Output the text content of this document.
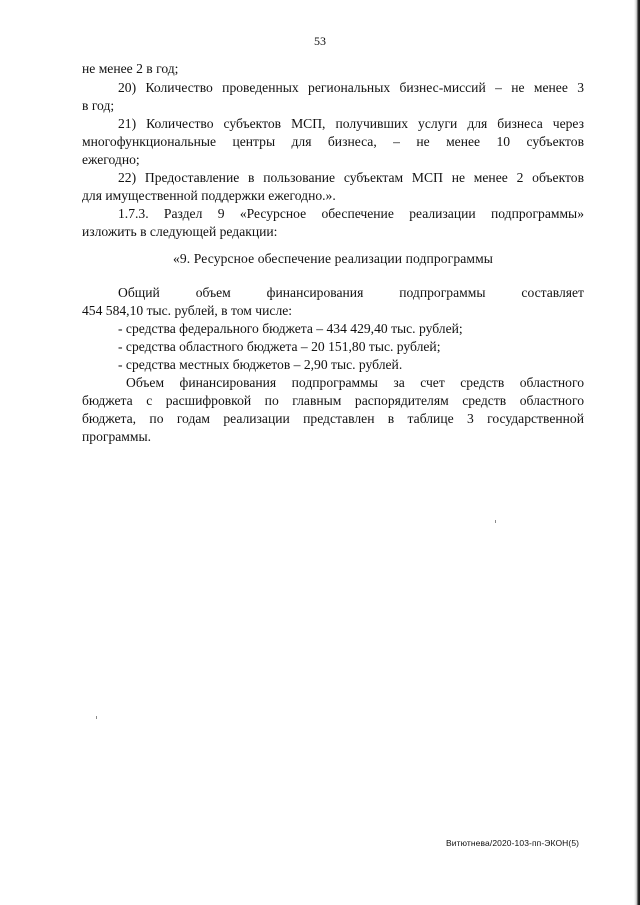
53
не менее 2 в год;
20) Количество проведенных региональных бизнес-миссий – не менее 3
в год;
21) Количество субъектов МСП, получивших услуги для бизнеса через
многофункциональные центры для бизнеса, – не менее 10 субъектов
ежегодно;
22) Предоставление в пользование субъектам МСП не менее 2 объектов
для имущественной поддержки ежегодно.».
1.7.3. Раздел 9 «Ресурсное обеспечение реализации подпрограммы»
изложить в следующей редакции:
«9. Ресурсное обеспечение реализации подпрограммы
Общий объем финансирования подпрограммы составляет
454 584,10 тыс. рублей, в том числе:
- средства федерального бюджета – 434 429,40 тыс. рублей;
- средства областного бюджета – 20 151,80 тыс. рублей;
- средства местных бюджетов – 2,90 тыс. рублей.
Объем финансирования подпрограммы за счет средств областного
бюджета с расшифровкой по главным распорядителям средств областного
бюджета, по годам реализации представлен в таблице 3 государственной
программы.
Витютнева/2020-103-пп-ЭКОН(5)
